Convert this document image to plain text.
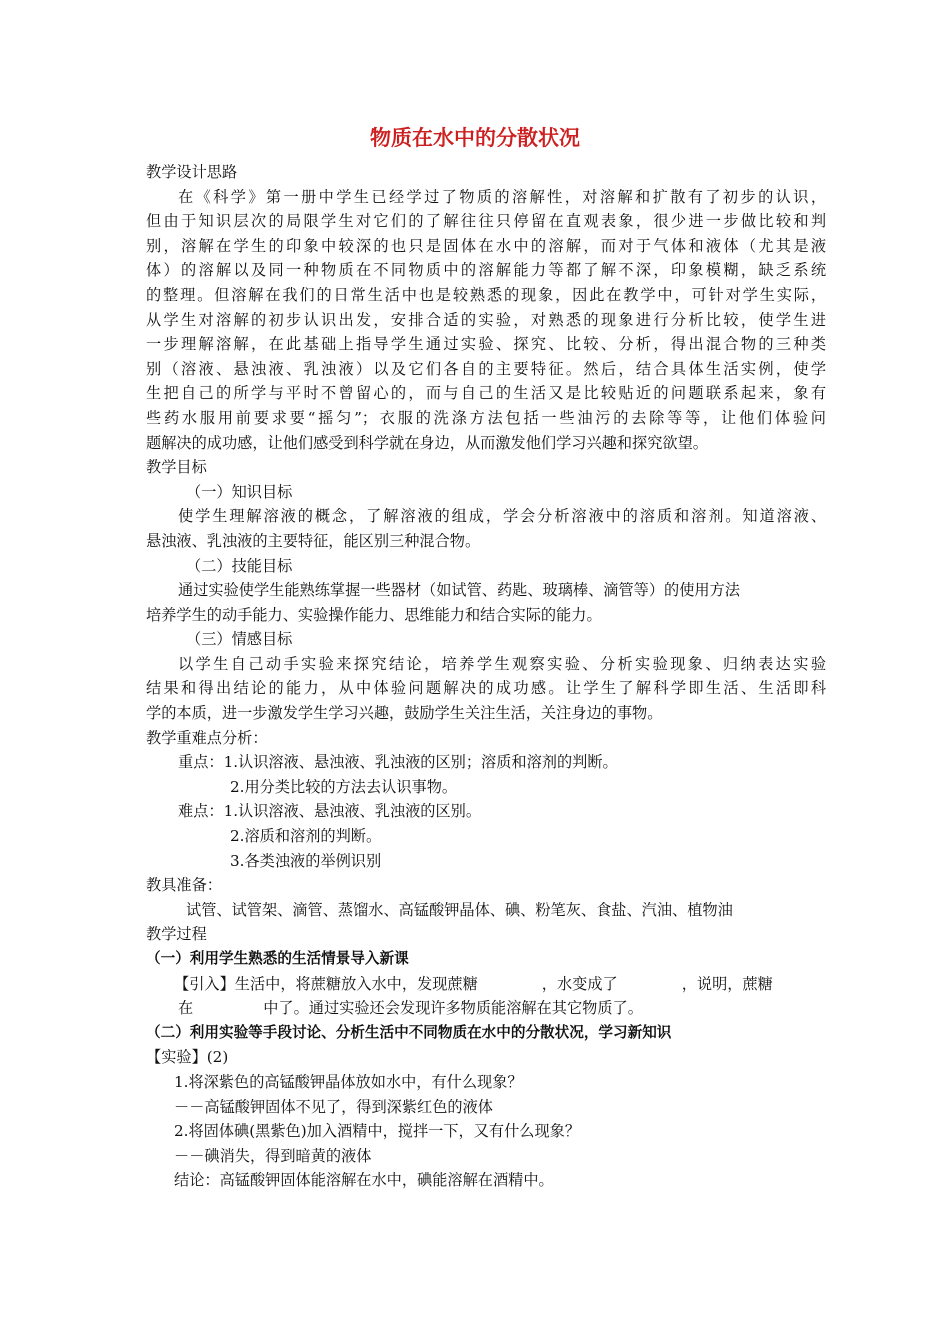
物质在水中的分散状况
教学设计思路
在《科学》第一册中学生已经学过了物质的溶解性，对溶解和扩散有了初步的认识，
但由于知识层次的局限学生对它们的了解往往只停留在直观表象，很少进一步做比较和判
别，溶解在学生的印象中较深的也只是固体在水中的溶解，而对于气体和液体（尤其是液
体）的溶解以及同一种物质在不同物质中的溶解能力等都了解不深，印象模糊，缺乏系统
的整理。但溶解在我们的日常生活中也是较熟悉的现象，因此在教学中，可针对学生实际，
从学生对溶解的初步认识出发，安排合适的实验，对熟悉的现象进行分析比较，使学生进
一步理解溶解，在此基础上指导学生通过实验、探究、比较、分析，得出混合物的三种类
别（溶液、悬浊液、乳浊液）以及它们各自的主要特征。然后，结合具体生活实例，使学
生把自己的所学与平时不曾留心的，而与自己的生活又是比较贴近的问题联系起来，象有
些药水服用前要求要“摇匀”；衣服的洗涤方法包括一些油污的去除等等，让他们体验问
题解决的成功感，让他们感受到科学就在身边，从而激发他们学习兴趣和探究欲望。
教学目标
（一）知识目标
使学生理解溶液的概念，了解溶液的组成，学会分析溶液中的溶质和溶剂。知道溶液、
悬浊液、乳浊液的主要特征，能区别三种混合物。
（二）技能目标
通过实验使学生能熟练掌握一些器材（如试管、药匙、玻璃棒、滴管等）的使用方法
培养学生的动手能力、实验操作能力、思维能力和结合实际的能力。
（三）情感目标
以学生自己动手实验来探究结论，培养学生观察实验、分析实验现象、归纳表达实验
结果和得出结论的能力，从中体验问题解决的成功感。让学生了解科学即生活、生活即科
学的本质，进一步激发学生学习兴趣，鼓励学生关注生活，关注身边的事物。
教学重难点分析：
重点：1.认识溶液、悬浊液、乳浊液的区别；溶质和溶剂的判断。
2.用分类比较的方法去认识事物。
难点：1.认识溶液、悬浊液、乳浊液的区别。
2.溶质和溶剂的判断。
3.各类浊液的举例识别
教具准备：
试管、试管架、滴管、蒸馏水、高锰酸钾晶体、碘、粉笔灰、食盐、汽油、植物油
教学过程
（一）利用学生熟悉的生活情景导入新课
【引入】生活中，将蔗糖放入水中，发现蔗糖	，水变成了	，说明，蔗糖
在	中了。通过实验还会发现许多物质能溶解在其它物质了。
（二）利用实验等手段讨论、分析生活中不同物质在水中的分散状况，学习新知识
【实验】(2)
1.将深紫色的高锰酸钾晶体放如水中，有什么现象？
－－高锰酸钾固体不见了，得到深紫红色的液体
2.将固体碘(黑紫色)加入酒精中，搅拌一下，又有什么现象？
－－碘消失，得到暗黄的液体
结论：高锰酸钾固体能溶解在水中，碘能溶解在酒精中。
